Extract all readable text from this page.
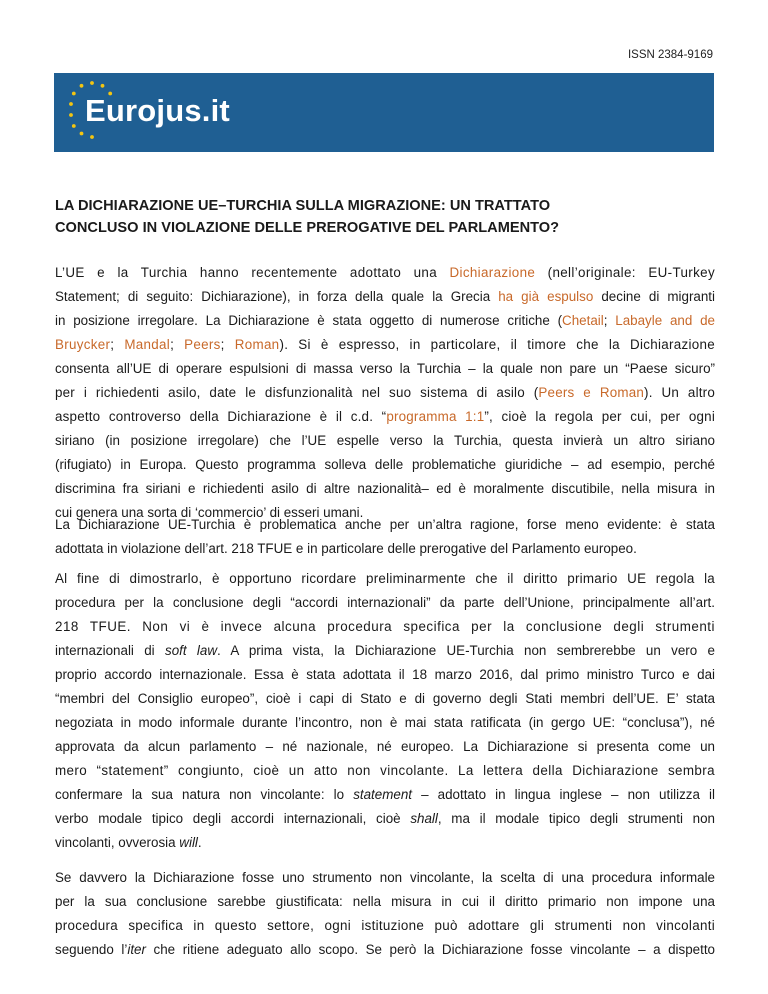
ISSN 2384-9169
Eurojus.it
LA DICHIARAZIONE UE–TURCHIA SULLA MIGRAZIONE: UN TRATTATO
CONCLUSO IN VIOLAZIONE DELLE PREROGATIVE DEL PARLAMENTO?
L’UE e la Turchia hanno recentemente adottato una Dichiarazione (nell’originale: EU-Turkey
Statement; di seguito: Dichiarazione), in forza della quale la Grecia ha già espulso decine di migranti
in posizione irregolare. La Dichiarazione è stata oggetto di numerose critiche (Chetail; Labayle and de
Bruycker; Mandal; Peers; Roman). Si è espresso, in particolare, il timore che la Dichiarazione
consenta all’UE di operare espulsioni di massa verso la Turchia – la quale non pare un “Paese sicuro”
per i richiedenti asilo, date le disfunzionalità nel suo sistema di asilo (Peers e Roman). Un altro
aspetto controverso della Dichiarazione è il c.d. “programma 1:1”, cioè la regola per cui, per ogni
siriano (in posizione irregolare) che l’UE espelle verso la Turchia, questa invierà un altro siriano
(rifugiato) in Europa. Questo programma solleva delle problematiche giuridiche – ad esempio, perché
discrimina fra siriani e richiedenti asilo di altre nazionalità– ed è moralmente discutibile, nella misura in
cui genera una sorta di ‘commercio’ di esseri umani.
La Dichiarazione UE-Turchia è problematica anche per un’altra ragione, forse meno evidente: è stata
adottata in violazione dell’art. 218 TFUE e in particolare delle prerogative del Parlamento europeo.
Al fine di dimostrarlo, è opportuno ricordare preliminarmente che il diritto primario UE regola la
procedura per la conclusione degli “accordi internazionali” da parte dell’Unione, principalmente all’art.
218 TFUE. Non vi è invece alcuna procedura specifica per la conclusione degli strumenti
internazionali di soft law. A prima vista, la Dichiarazione UE-Turchia non sembrerebbe un vero e
proprio accordo internazionale. Essa è stata adottata il 18 marzo 2016, dal primo ministro Turco e dai
“membri del Consiglio europeo”, cioè i capi di Stato e di governo degli Stati membri dell’UE. E’ stata
negoziata in modo informale durante l’incontro, non è mai stata ratificata (in gergo UE: “conclusa”), né
approvata da alcun parlamento – né nazionale, né europeo. La Dichiarazione si presenta come un
mero “statement” congiunto, cioè un atto non vincolante. La lettera della Dichiarazione sembra
confermare la sua natura non vincolante: lo statement – adottato in lingua inglese – non utilizza il
verbo modale tipico degli accordi internazionali, cioè shall, ma il modale tipico degli strumenti non
vincolanti, ovverosia will.
Se davvero la Dichiarazione fosse uno strumento non vincolante, la scelta di una procedura informale
per la sua conclusione sarebbe giustificata: nella misura in cui il diritto primario non impone una
procedura specifica in questo settore, ogni istituzione può adottare gli strumenti non vincolanti
seguendo l’iter che ritiene adeguato allo scopo. Se però la Dichiarazione fosse vincolante – a dispetto
